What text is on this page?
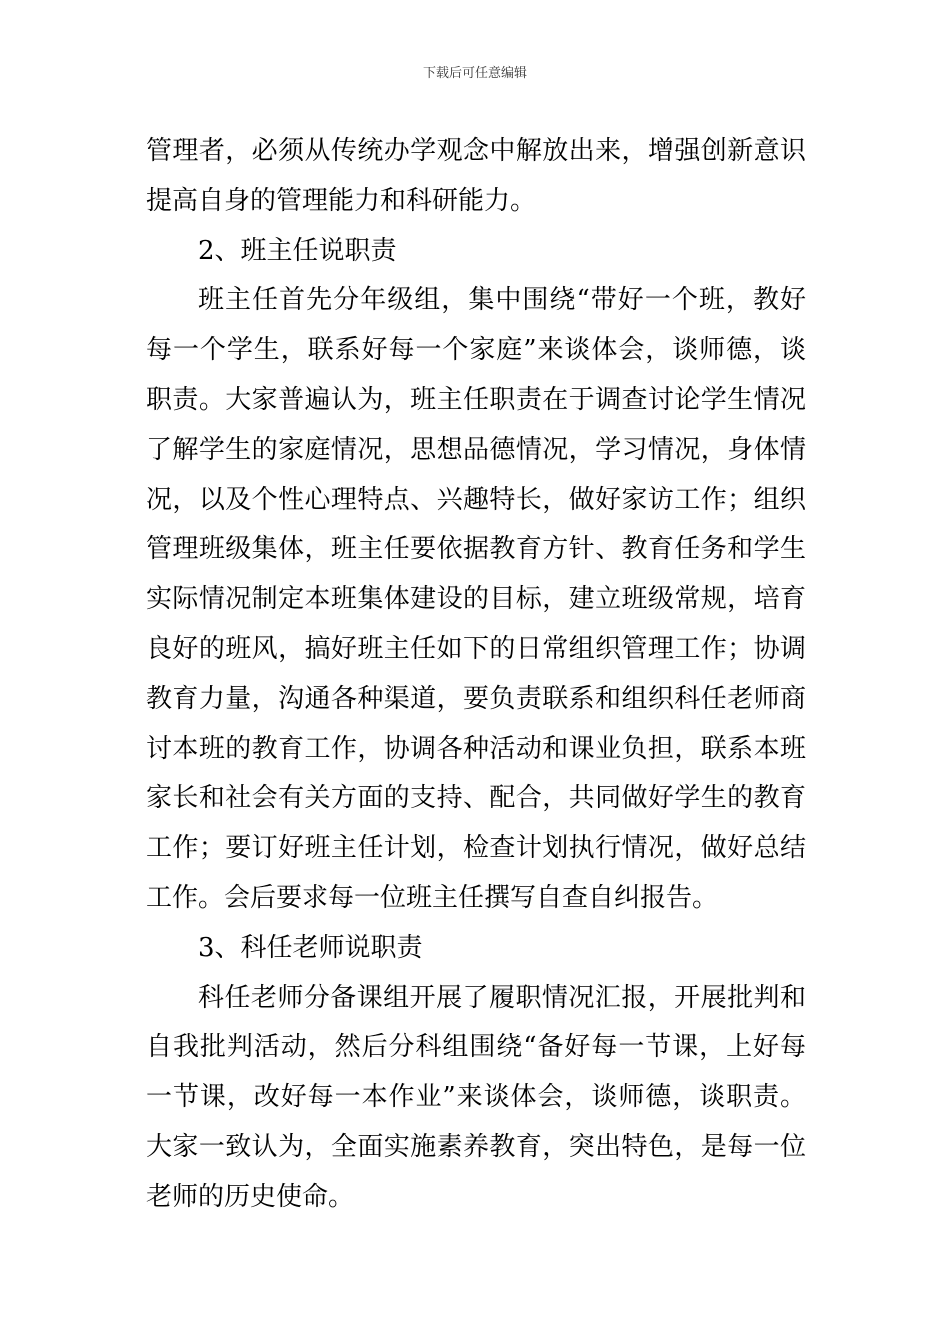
下载后可任意编辑
管理者，必须从传统办学观念中解放出来，增强创新意识
提高自身的管理能力和科研能力。
2、班主任说职责
班主任首先分年级组，集中围绕“带好一个班，教好
每一个学生，联系好每一个家庭”来谈体会，谈师德，谈
职责。大家普遍认为，班主任职责在于调查讨论学生情况
了解学生的家庭情况，思想品德情况，学习情况，身体情
况，以及个性心理特点、兴趣特长，做好家访工作；组织
管理班级集体，班主任要依据教育方针、教育任务和学生
实际情况制定本班集体建设的目标，建立班级常规，培育
良好的班风，搞好班主任如下的日常组织管理工作；协调
教育力量，沟通各种渠道，要负责联系和组织科任老师商
讨本班的教育工作，协调各种活动和课业负担，联系本班
家长和社会有关方面的支持、配合，共同做好学生的教育
工作；要订好班主任计划，检查计划执行情况，做好总结
工作。会后要求每一位班主任撰写自查自纠报告。
3、科任老师说职责
科任老师分备课组开展了履职情况汇报，开展批判和
自我批判活动，然后分科组围绕“备好每一节课，上好每
一节课，改好每一本作业”来谈体会，谈师德，谈职责。
大家一致认为，全面实施素养教育，突出特色，是每一位
老师的历史使命。
